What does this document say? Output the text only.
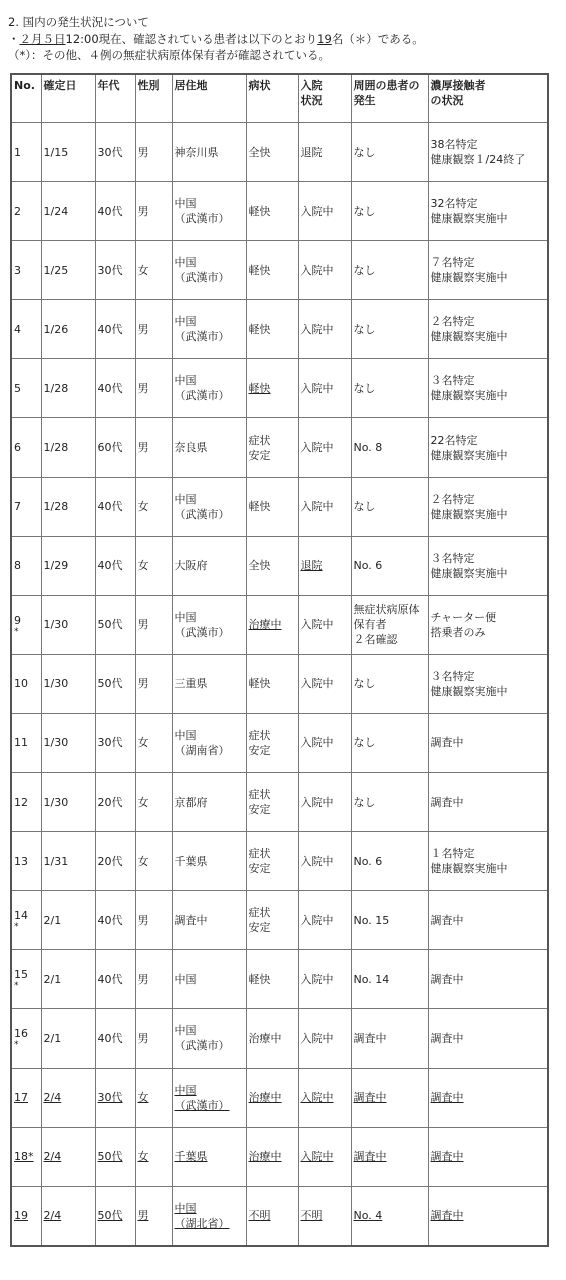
2. 国内の発生状況について

・２月５日12:00現在、確認されている患者は以下のとおり19名（＊）である。

（*）：その他、４例の無症状病原体保有者が確認されている。

No.	確定日	年代	性別	居住地	病状	入院
状況	周囲の患者の
発生	濃厚接触者
の状況

1	1/15	30代	男	神奈川県	全快	退院	なし	38名特定
健康観察１/24終了

2	1/24	40代	男	中国
（武漢市）	軽快	入院中	なし	32名特定
健康観察実施中

3	1/25	30代	女	中国
（武漢市）	軽快	入院中	なし	７名特定
健康観察実施中

4	1/26	40代	男	中国
（武漢市）	軽快	入院中	なし	２名特定
健康観察実施中

5	1/28	40代	男	中国
（武漢市）	軽快	入院中	なし	３名特定
健康観察実施中

6	1/28	60代	男	奈良県	症状
安定	入院中	No. 8	22名特定
健康観察実施中

7	1/28	40代	女	中国
（武漢市）	軽快	入院中	なし	２名特定
健康観察実施中

8	1/29	40代	女	大阪府	全快	退院	No. 6	３名特定
健康観察実施中

9
*	1/30	50代	男	中国
（武漢市）	治療中	入院中	無症状病原体
保有者
２名確認	チャーター便
搭乗者のみ

10	1/30	50代	男	三重県	軽快	入院中	なし	３名特定
健康観察実施中

11	1/30	30代	女	中国
（湖南省）	症状
安定	入院中	なし	調査中

12	1/30	20代	女	京都府	症状
安定	入院中	なし	調査中

13	1/31	20代	女	千葉県	症状
安定	入院中	No. 6	１名特定
健康観察実施中

14
*	2/1	40代	男	調査中	症状
安定	入院中	No. 15	調査中

15
*	2/1	40代	男	中国	軽快	入院中	No. 14	調査中

16
*	2/1	40代	男	中国
（武漢市）	治療中	入院中	調査中	調査中

17	2/4	30代	女	中国
（武漢市）	治療中	入院中	調査中	調査中

18*	2/4	50代	女	千葉県	治療中	入院中	調査中	調査中

19	2/4	50代	男	中国
（湖北省）	不明	不明	No. 4	調査中
